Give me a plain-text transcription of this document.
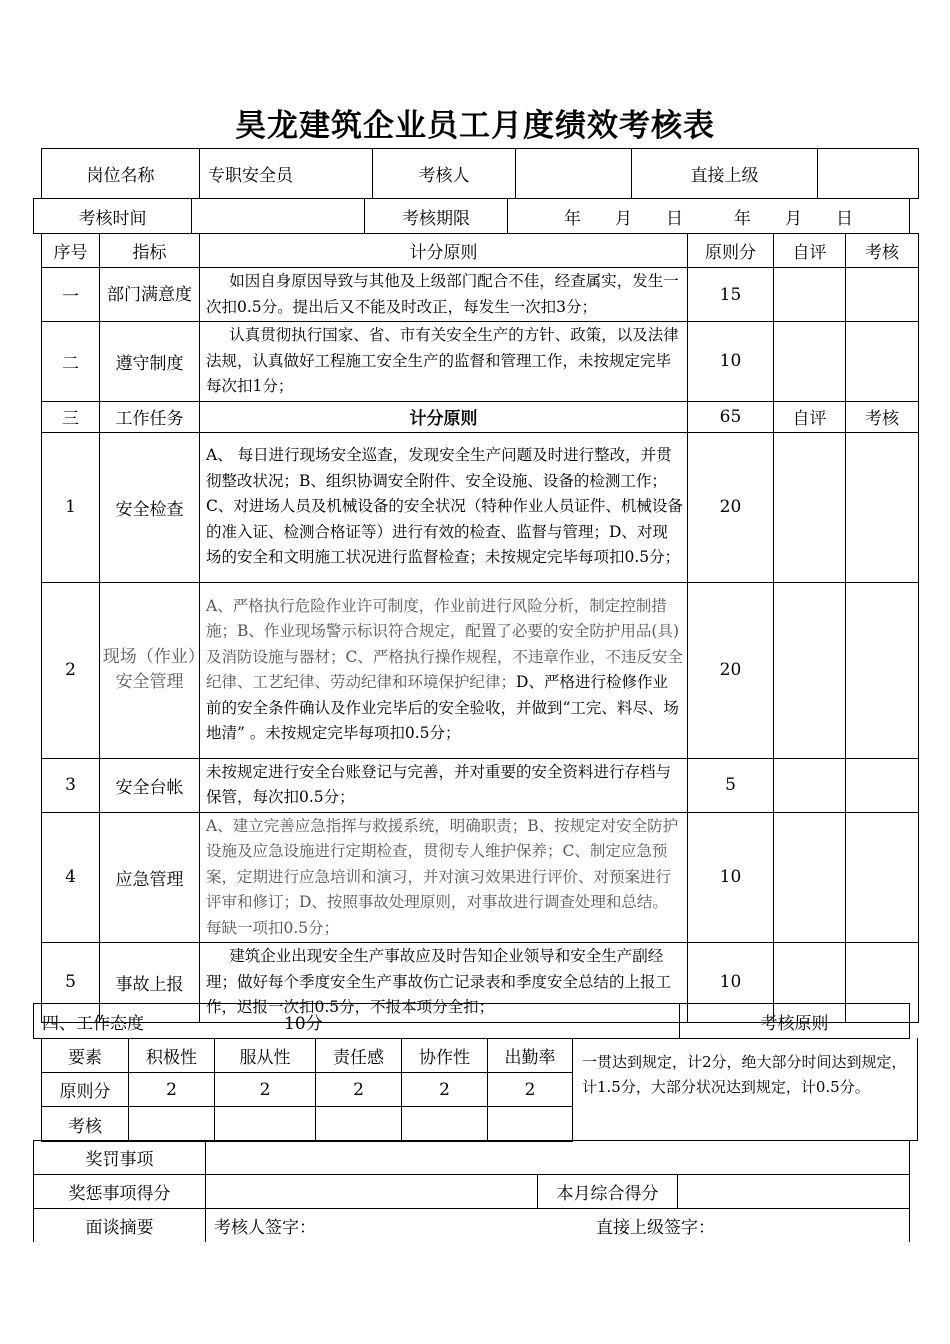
昊龙建筑企业员工月度绩效考核表
岗位名称	专职安全员	考核人		直接上级	
考核时间		考核期限	年　　月　　日　　　年　　月　　日
序号	指标	计分原则	原则分	自评	考核
一	部门满意度	如因自身原因导致与其他及上级部门配合不佳，经查属实，发生一次扣0.5分。提出后又不能及时改正，每发生一次扣3分；	15		
二	遵守制度	认真贯彻执行国家、省、市有关安全生产的方针、政策，以及法律法规，认真做好工程施工安全生产的监督和管理工作，未按规定完毕每次扣1分；	10		
三	工作任务	计分原则	65	自评	考核
1	安全检查	A、 每日进行现场安全巡查，发现安全生产问题及时进行整改，并贯彻整改状况；B、组织协调安全附件、安全设施、设备的检测工作；C、对进场人员及机械设备的安全状况（特种作业人员证件、机械设备的准入证、检测合格证等）进行有效的检查、监督与管理；D、对现场的安全和文明施工状况进行监督检查；未按规定完毕每项扣0.5分；	20		
2	现场（作业）安全管理	A、严格执行危险作业许可制度，作业前进行风险分析，制定控制措施；B、作业现场警示标识符合规定，配置了必要的安全防护用品(具)及消防设施与器材；C、严格执行操作规程，不违章作业，不违反安全纪律、工艺纪律、劳动纪律和环境保护纪律；D、严格进行检修作业前的安全条件确认及作业完毕后的安全验收，并做到“工完、料尽、场地清” 。未按规定完毕每项扣0.5分；	20		
3	安全台帐	未按规定进行安全台账登记与完善，并对重要的安全资料进行存档与保管，每次扣0.5分；	5		
4	应急管理	A、建立完善应急指挥与救援系统，明确职责；B、按规定对安全防护设施及应急设施进行定期检查，贯彻专人维护保养；C、制定应急预案，定期进行应急培训和演习，并对演习效果进行评价、对预案进行评审和修订；D、按照事故处理原则，对事故进行调查处理和总结。每缺一项扣0.5分；	10		
5	事故上报	建筑企业出现安全生产事故应及时告知企业领导和安全生产副经理；做好每个季度安全生产事故伤亡记录表和季度安全总结的上报工作，迟报一次扣0.5分，不报本项分全扣；	10		
四、工作态度	10分	考核原则
要素	积极性	服从性	责任感	协作性	出勤率
原则分	2	2	2	2	2
考核					
一贯达到规定，计2分，绝大部分时间达到规定，计1.5分，大部分状况达到规定，计0.5分。
奖罚事项			
奖惩事项得分		本月综合得分	
面谈摘要	考核人签字： 直接上级签字：		
